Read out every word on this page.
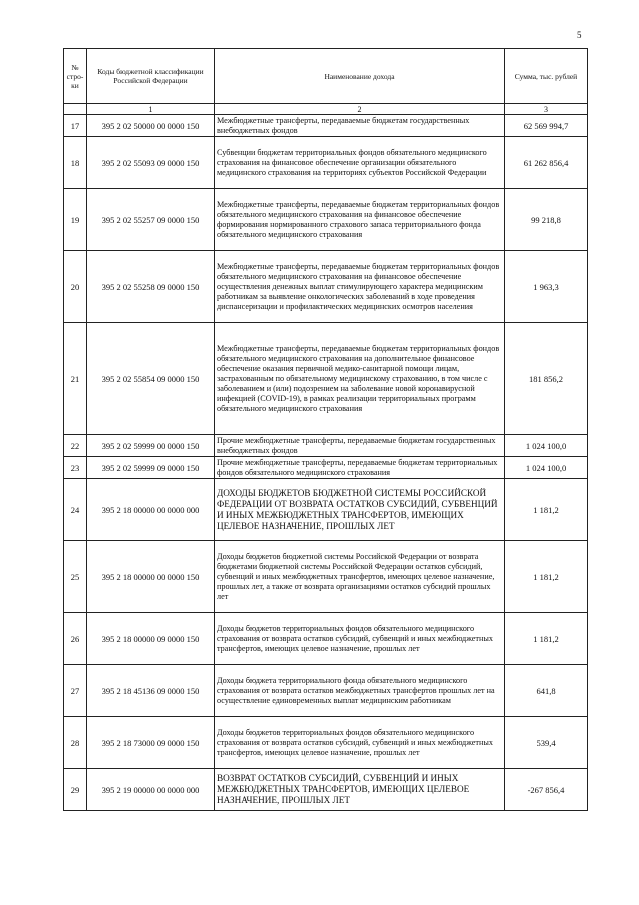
5
№ стро-ки	Коды бюджетной классификации Российской Федерации	Наименование дохода	Сумма, тыс. рублей
	1	2	3
17	395 2 02 50000 00 0000 150	Межбюджетные трансферты, передаваемые бюджетам государственных внебюджетных фондов	62 569 994,7
18	395 2 02 55093 09 0000 150	Субвенции бюджетам территориальных фондов обязательного медицинского страхования на финансовое обеспечение организации обязательного медицинского страхования на территориях субъектов Российской Федерации	61 262 856,4
19	395 2 02 55257 09 0000 150	Межбюджетные трансферты, передаваемые бюджетам территориальных фондов обязательного медицинского страхования на финансовое обеспечение формирования нормированного страхового запаса территориального фонда обязательного медицинского страхования	99 218,8
20	395 2 02 55258 09 0000 150	Межбюджетные трансферты, передаваемые бюджетам территориальных фондов обязательного медицинского страхования на финансовое обеспечение осуществления денежных выплат стимулирующего характера медицинским работникам за выявление онкологических заболеваний в ходе проведения диспансеризации и профилактических медицинских осмотров населения	1 963,3
21	395 2 02 55854 09 0000 150	Межбюджетные трансферты, передаваемые бюджетам территориальных фондов обязательного медицинского страхования на дополнительное финансовое обеспечение оказания первичной медико-санитарной помощи лицам, застрахованным по обязательному медицинскому страхованию, в том числе с заболеванием и (или) подозрением на заболевание новой коронавирусной инфекцией (COVID-19), в рамках реализации территориальных программ обязательного медицинского страхования	181 856,2
22	395 2 02 59999 00 0000 150	Прочие межбюджетные трансферты, передаваемые бюджетам государственных внебюджетных фондов	1 024 100,0
23	395 2 02 59999 09 0000 150	Прочие межбюджетные трансферты, передаваемые бюджетам территориальных фондов обязательного медицинского страхования	1 024 100,0
24	395 2 18 00000 00 0000 000	ДОХОДЫ БЮДЖЕТОВ БЮДЖЕТНОЙ СИСТЕМЫ РОССИЙСКОЙ ФЕДЕРАЦИИ ОТ ВОЗВРАТА ОСТАТКОВ СУБСИДИЙ, СУБВЕНЦИЙ И ИНЫХ МЕЖБЮДЖЕТНЫХ ТРАНСФЕРТОВ, ИМЕЮЩИХ ЦЕЛЕВОЕ НАЗНАЧЕНИЕ, ПРОШЛЫХ ЛЕТ	1 181,2
25	395 2 18 00000 00 0000 150	Доходы бюджетов бюджетной системы Российской Федерации от возврата бюджетами бюджетной системы Российской Федерации остатков субсидий, субвенций и иных межбюджетных трансфертов, имеющих целевое назначение, прошлых лет, а также от возврата организациями остатков субсидий прошлых лет	1 181,2
26	395 2 18 00000 09 0000 150	Доходы бюджетов территориальных фондов обязательного медицинского страхования от возврата остатков субсидий, субвенций и иных межбюджетных трансфертов, имеющих целевое назначение, прошлых лет	1 181,2
27	395 2 18 45136 09 0000 150	Доходы бюджета территориального фонда обязательного медицинского страхования от возврата остатков межбюджетных трансфертов прошлых лет на осуществление единовременных выплат медицинским работникам	641,8
28	395 2 18 73000 09 0000 150	Доходы бюджетов территориальных фондов обязательного медицинского страхования от возврата остатков субсидий, субвенций и иных межбюджетных трансфертов, имеющих целевое назначение, прошлых лет	539,4
29	395 2 19 00000 00 0000 000	ВОЗВРАТ ОСТАТКОВ СУБСИДИЙ, СУБВЕНЦИЙ И ИНЫХ МЕЖБЮДЖЕТНЫХ ТРАНСФЕРТОВ, ИМЕЮЩИХ ЦЕЛЕВОЕ НАЗНАЧЕНИЕ, ПРОШЛЫХ ЛЕТ	-267 856,4
